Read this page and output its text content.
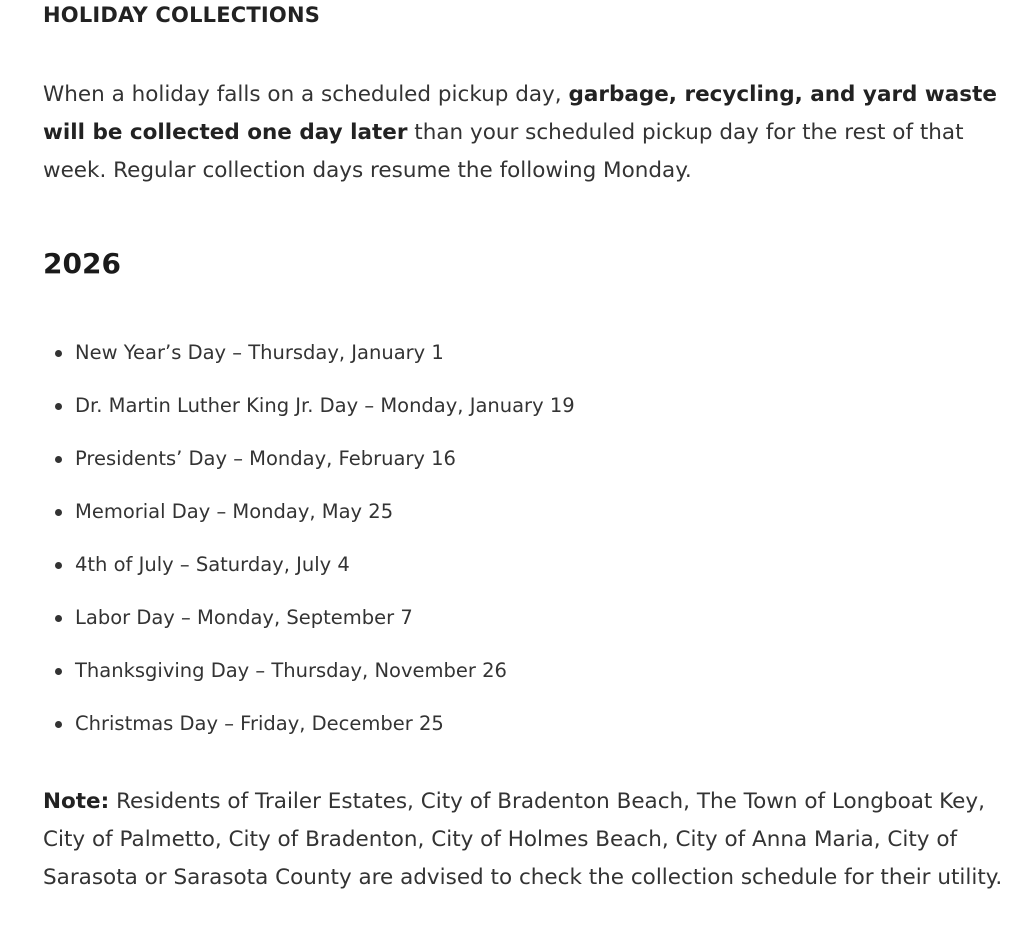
HOLIDAY COLLECTIONS

When a holiday falls on a scheduled pickup day, garbage, recycling, and yard waste will be collected one day later than your scheduled pickup day for the rest of that week. Regular collection days resume the following Monday.

2026
New Year’s Day – Thursday, January 1
Dr. Martin Luther King Jr. Day – Monday, January 19
Presidents’ Day – Monday, February 16
Memorial Day – Monday, May 25
4th of July – Saturday, July 4
Labor Day – Monday, September 7
Thanksgiving Day – Thursday, November 26
Christmas Day – Friday, December 25

Note: Residents of Trailer Estates, City of Bradenton Beach, The Town of Longboat Key, City of Palmetto, City of Bradenton, City of Holmes Beach, City of Anna Maria, City of Sarasota or Sarasota County are advised to check the collection schedule for their utility.
